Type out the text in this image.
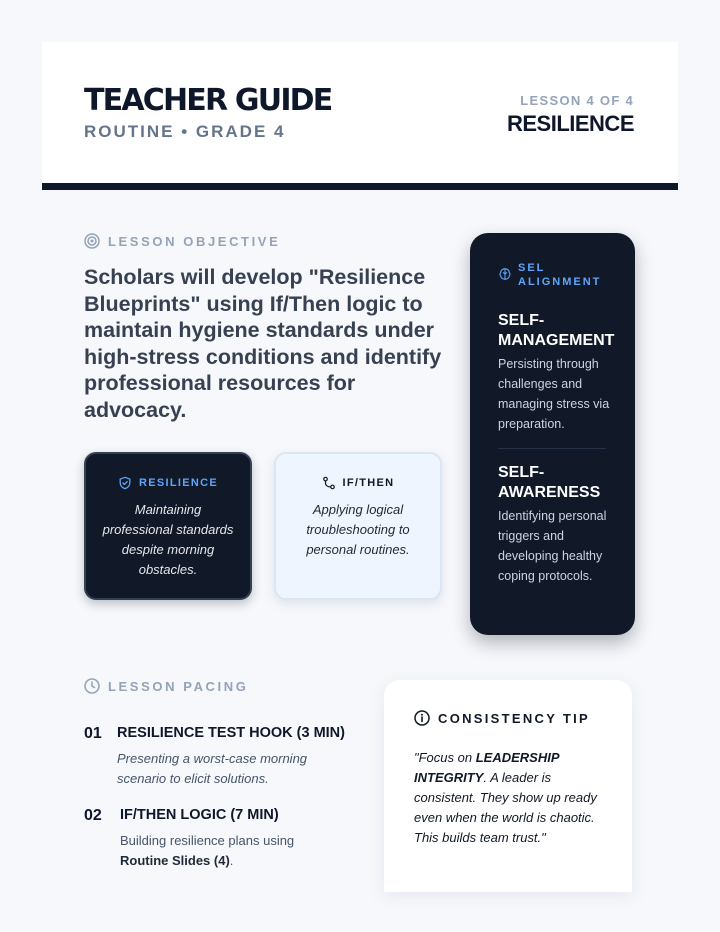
TEACHER GUIDE
ROUTINE • GRADE 4
LESSON 4 OF 4
RESILIENCE
LESSON OBJECTIVE
Scholars will develop "Resilience Blueprints" using If/Then logic to maintain hygiene standards under high-stress conditions and identify professional resources for advocacy.
RESILIENCE
Maintaining professional standards despite morning obstacles.
IF/THEN
Applying logical troubleshooting to personal routines.
SEL ALIGNMENT
SELF-MANAGEMENT
Persisting through challenges and managing stress via preparation.
SELF-AWARENESS
Identifying personal triggers and developing healthy coping protocols.
LESSON PACING
01 RESILIENCE TEST HOOK (3 MIN)
Presenting a worst-case morning scenario to elicit solutions.
02 IF/THEN LOGIC (7 MIN)
Building resilience plans using Routine Slides (4).
CONSISTENCY TIP
"Focus on LEADERSHIP INTEGRITY. A leader is consistent. They show up ready even when the world is chaotic. This builds team trust."
